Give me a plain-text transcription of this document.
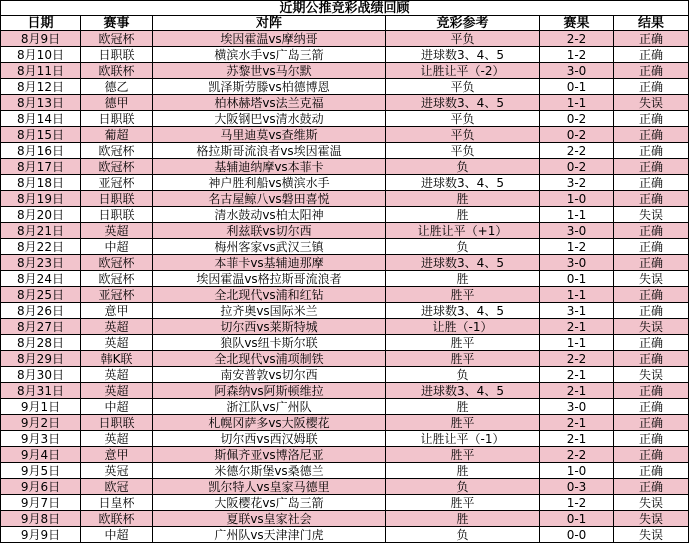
近期公推竞彩战绩回顾
日期	赛事	对阵	竞彩参考	赛果	结果
8月9日	欧冠杯	埃因霍温vs摩纳哥	平负	2-2	正确
8月10日	日职联	横滨水手vs广岛三箭	进球数3、4、5	1-2	正确
8月11日	欧联杯	苏黎世vs马尔默	让胜让平（-2）	3-0	正确
8月12日	德乙	凯泽斯劳滕vs柏德博恩	平负	0-1	正确
8月13日	德甲	柏林赫塔vs法兰克福	进球数3、4、5	1-1	失误
8月14日	日职联	大阪钢巴vs清水鼓动	平负	0-2	正确
8月15日	葡超	马里迪莫vs查维斯	平负	0-2	正确
8月16日	欧冠杯	格拉斯哥流浪者vs埃因霍温	平负	2-2	正确
8月17日	欧冠杯	基辅迪纳摩vs本菲卡	负	0-2	正确
8月18日	亚冠杯	神户胜利船vs横滨水手	进球数3、4、5	3-2	正确
8月19日	日职联	名古屋鲸八vs磐田喜悦	胜	1-0	正确
8月20日	日职联	清水鼓动vs柏太阳神	胜	1-1	失误
8月21日	英超	利兹联vs切尔西	让胜让平（+1）	3-0	正确
8月22日	中超	梅州客家vs武汉三镇	负	1-2	正确
8月23日	欧冠杯	本菲卡vs基辅迪那摩	进球数3、4、5	3-0	正确
8月24日	欧冠杯	埃因霍温vs格拉斯哥流浪者	胜	0-1	失误
8月25日	亚冠杯	全北现代vs浦和红钻	胜平	1-1	正确
8月26日	意甲	拉齐奥vs国际米兰	进球数3、4、5	3-1	正确
8月27日	英超	切尔西vs莱斯特城	让胜（-1）	2-1	失误
8月28日	英超	狼队vs纽卡斯尔联	胜平	1-1	正确
8月29日	韩K联	全北现代vs浦项制铁	胜平	2-2	正确
8月30日	英超	南安普敦vs切尔西	负	2-1	失误
8月31日	英超	阿森纳vs阿斯顿维拉	进球数3、4、5	2-1	正确
9月1日	中超	浙江队vs广州队	胜	3-0	正确
9月2日	日职联	札幌冈萨多vs大阪樱花	胜平	2-1	正确
9月3日	英超	切尔西vs西汉姆联	让胜让平（-1）	2-1	正确
9月4日	意甲	斯佩齐亚vs博洛尼亚	胜平	2-2	正确
9月5日	英冠	米德尔斯堡vs桑德兰	胜	1-0	正确
9月6日	欧冠	凯尔特人vs皇家马德里	负	0-3	正确
9月7日	日皇杯	大阪樱花vs广岛三箭	胜平	1-2	失误
9月8日	欧联杯	夏联vs皇家社会	胜	0-1	失误
9月9日	中超	广州队vs天津津门虎	负	0-0	失误
